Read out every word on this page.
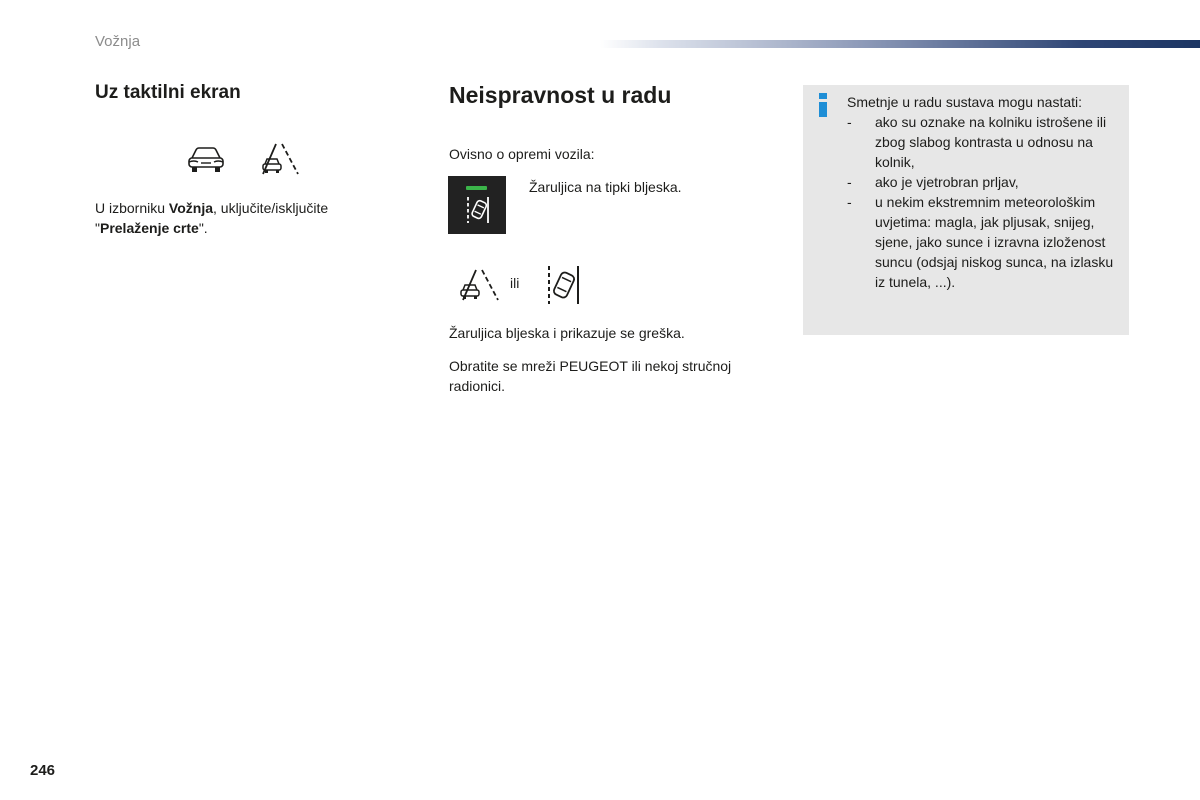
Vožnja
Uz taktilni ekran

U izborniku Vožnja, uključite/isključite
"Prelaženje crte".

Neispravnost u radu

Ovisno o opremi vozila:

Žaruljica na tipki bljeska.

ili

Žaruljica bljeska i prikazuje se greška.

Obratite se mreži PEUGEOT ili nekoj stručnoj radionici.

Smetnje u radu sustava mogu nastati:

- ako su oznake na kolniku istrošene ili zbog slabog kontrasta u odnosu na kolnik,
- ako je vjetrobran prljav,
- u nekim ekstremnim meteorološkim uvjetima: magla, jak pljusak, snijeg, sjene, jako sunce i izravna izloženost suncu (odsjaj niskog sunca, na izlasku iz tunela, ...).
246
